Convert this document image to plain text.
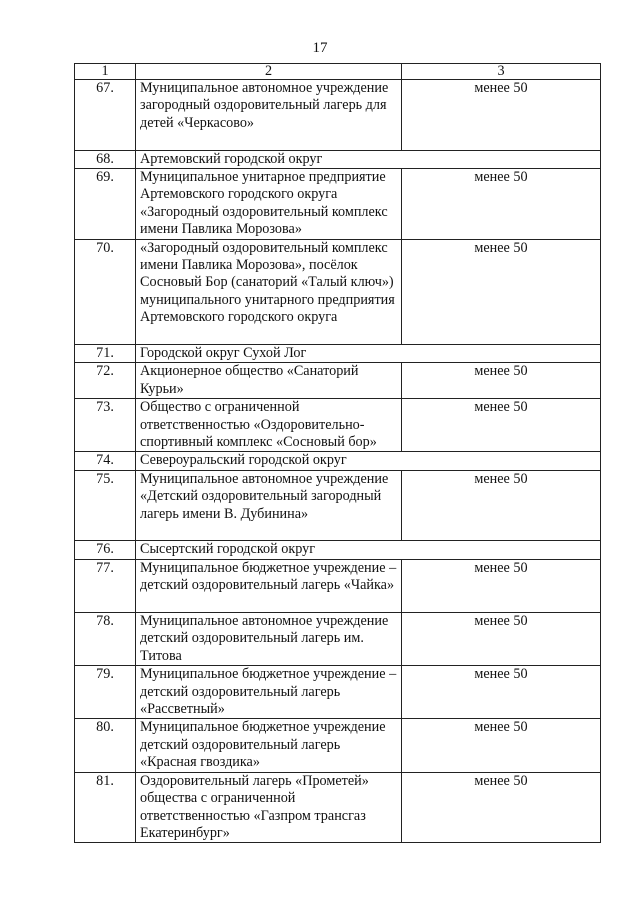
17
1	2	3
67.	Муниципальное автономное учреждение загородный оздоровительный лагерь для детей «Черкасово»	менее 50
68.	Артемовский городской округ	
69.	Муниципальное унитарное предприятие Артемовского городского округа «Загородный оздоровительный комплекс имени Павлика Морозова»	менее 50
70.	«Загородный оздоровительный комплекс имени Павлика Морозова», посёлок Сосновый Бор (санаторий «Талый ключ») муниципального унитарного предприятия Артемовского городского округа	менее 50
71.	Городской округ Сухой Лог	
72.	Акционерное общество «Санаторий Курьи»	менее 50
73.	Общество с ограниченной ответственностью «Оздоровительно-спортивный комплекс «Сосновый бор»	менее 50
74.	Североуральский городской округ	
75.	Муниципальное автономное учреждение «Детский оздоровительный загородный лагерь имени В. Дубинина»	менее 50
76.	Сысертский городской округ	
77.	Муниципальное бюджетное учреждение – детский оздоровительный лагерь «Чайка»	менее 50
78.	Муниципальное автономное учреждение детский оздоровительный лагерь им. Титова	менее 50
79.	Муниципальное бюджетное учреждение – детский оздоровительный лагерь «Рассветный»	менее 50
80.	Муниципальное бюджетное учреждение детский оздоровительный лагерь «Красная гвоздика»	менее 50
81.	Оздоровительный лагерь «Прометей» общества с ограниченной ответственностью «Газпром трансгаз Екатеринбург»	менее 50
